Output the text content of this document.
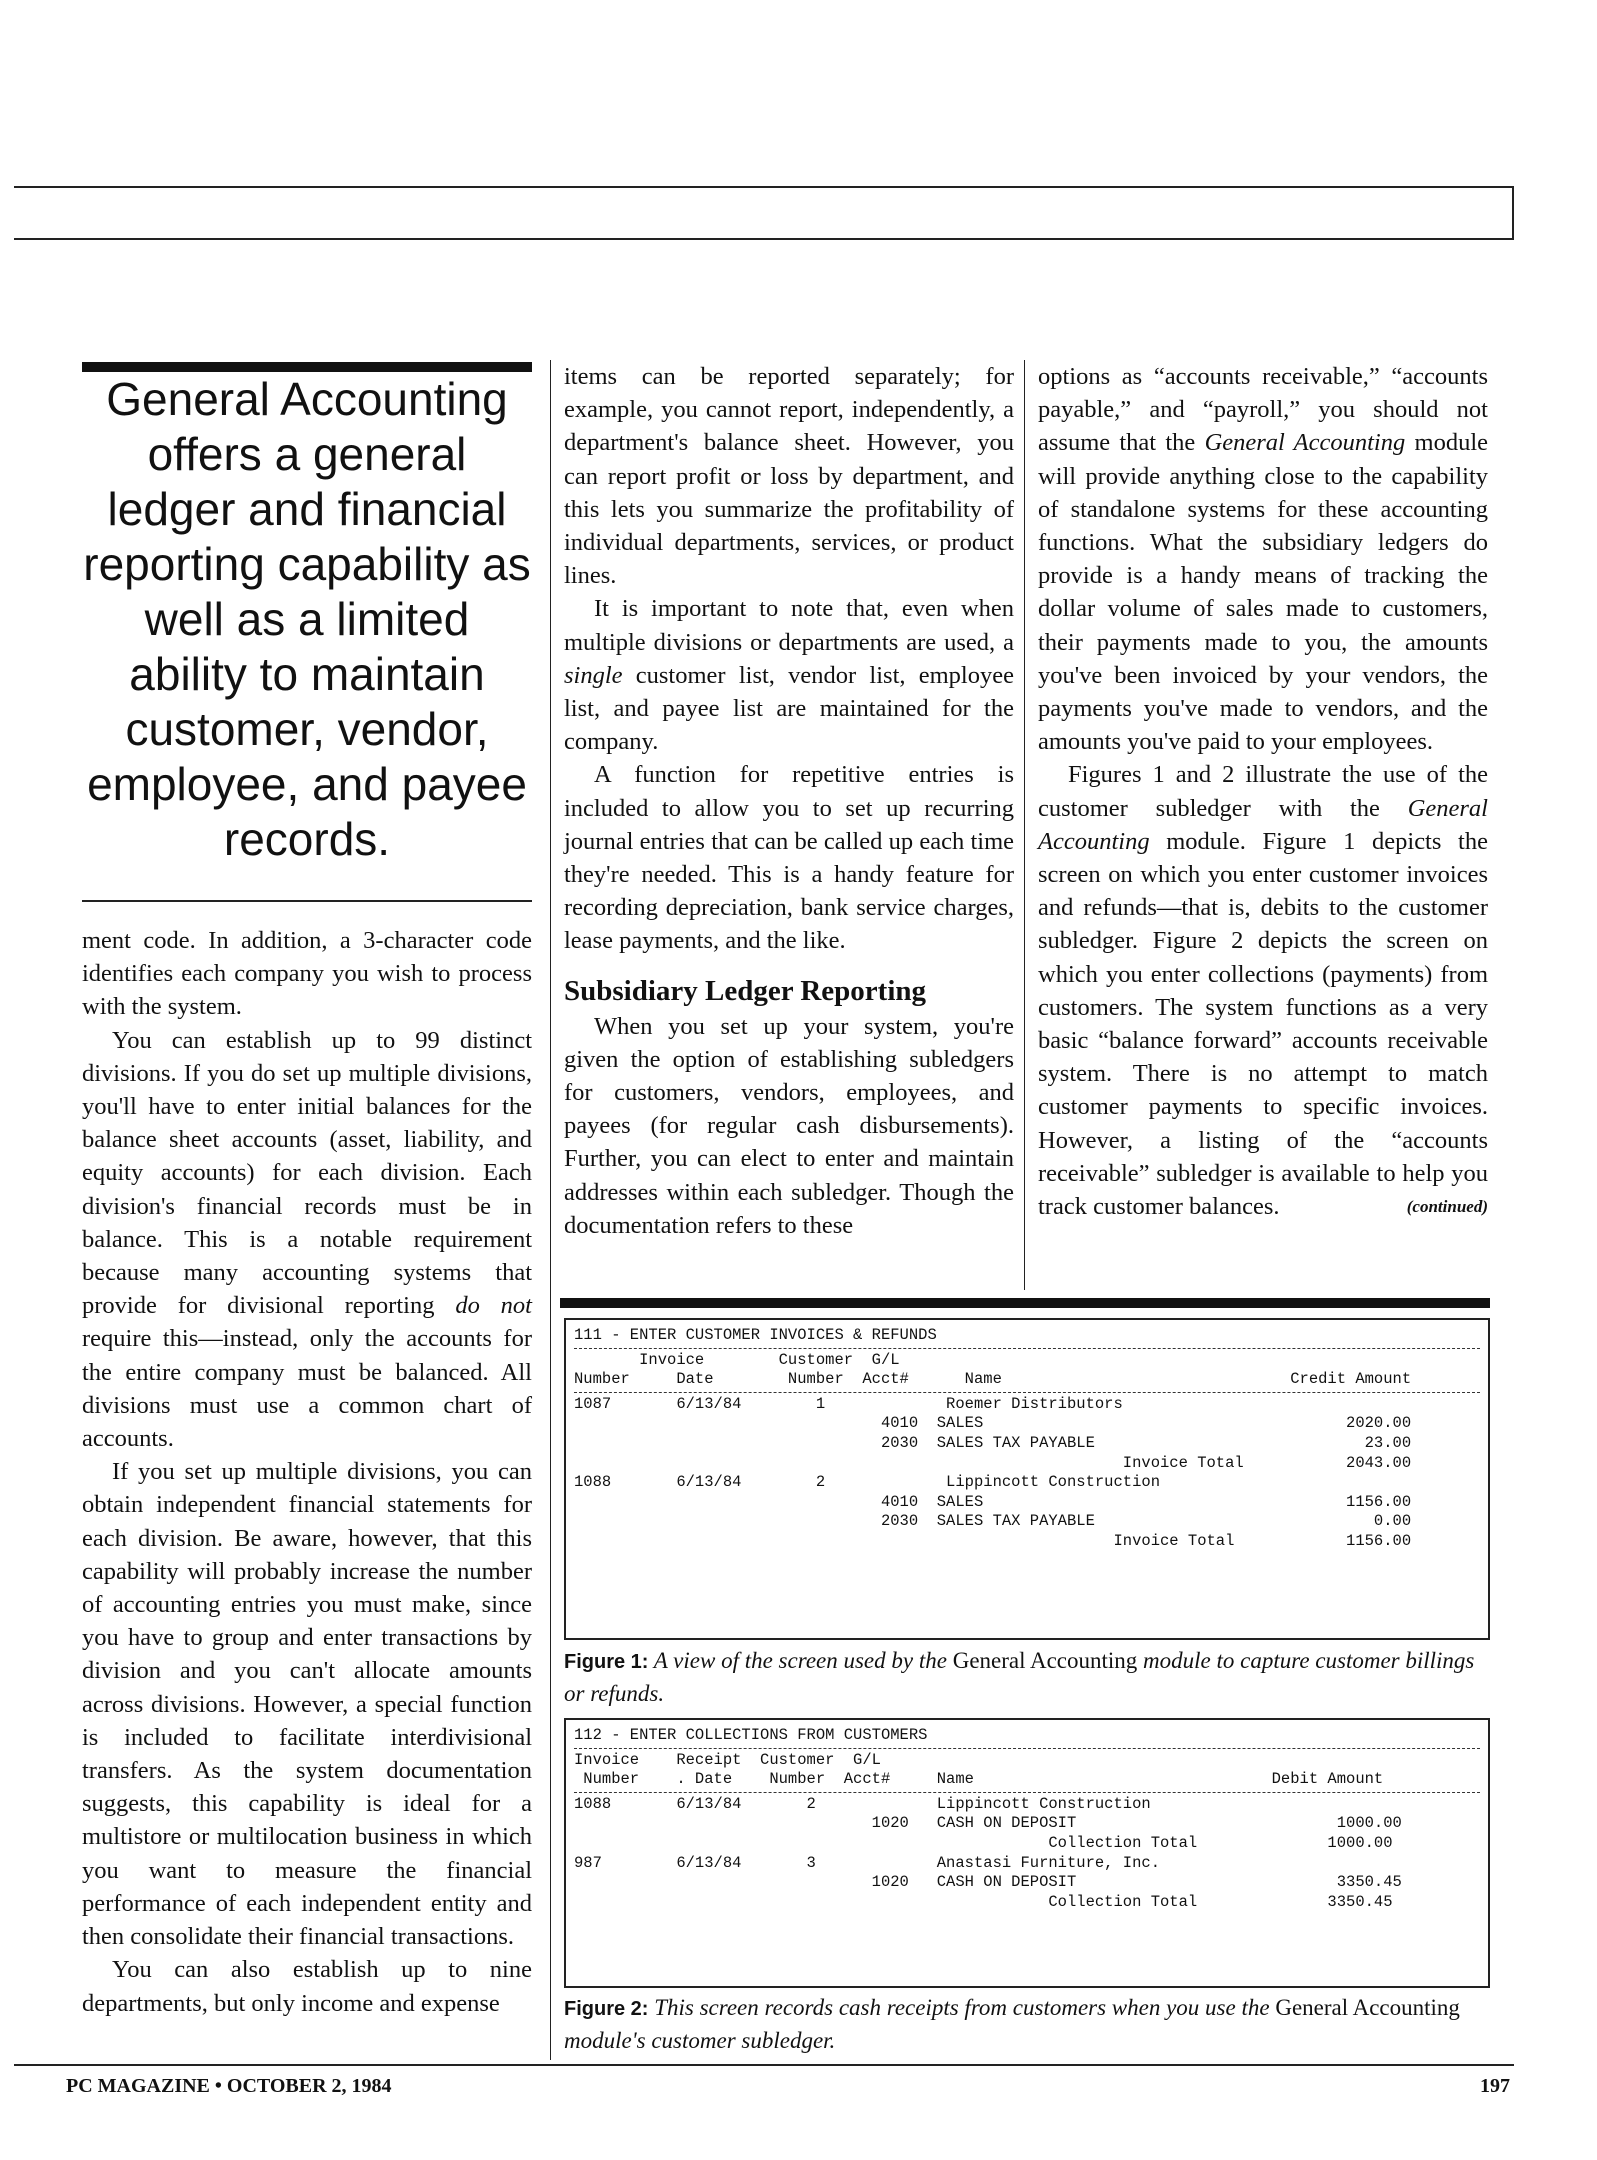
General Accounting offers a general ledger and financial reporting capability as well as a limited ability to maintain customer, vendor, employee, and payee records.

ment code. In addition, a 3-character code identifies each company you wish to process with the system.

You can establish up to 99 distinct divisions. If you do set up multiple divisions, you'll have to enter initial balances for the balance sheet accounts (asset, liability, and equity accounts) for each division. Each division's financial records must be in balance. This is a notable requirement because many accounting systems that provide for divisional reporting do not require this—instead, only the accounts for the entire company must be balanced. All divisions must use a common chart of accounts.

If you set up multiple divisions, you can obtain independent financial statements for each division. Be aware, however, that this capability will probably increase the number of accounting entries you must make, since you have to group and enter transactions by division and you can't allocate amounts across divisions. However, a special function is included to facilitate interdivisional transfers. As the system documentation suggests, this capability is ideal for a multistore or multilocation business in which you want to measure the financial performance of each independent entity and then consolidate their financial transactions.

You can also establish up to nine departments, but only income and expense

items can be reported separately; for example, you cannot report, independently, a department's balance sheet. However, you can report profit or loss by department, and this lets you summarize the profitability of individual departments, services, or product lines.

It is important to note that, even when multiple divisions or departments are used, a single customer list, vendor list, employee list, and payee list are maintained for the company.

A function for repetitive entries is included to allow you to set up recurring journal entries that can be called up each time they're needed. This is a handy feature for recording depreciation, bank service charges, lease payments, and the like.

Subsidiary Ledger Reporting

When you set up your system, you're given the option of establishing subledgers for customers, vendors, employees, and payees (for regular cash disbursements). Further, you can elect to enter and maintain addresses within each subledger. Though the documentation refers to these

options as “accounts receivable,” “accounts payable,” and “payroll,” you should not assume that the General Accounting module will provide anything close to the capability of standalone systems for these accounting functions. What the subsidiary ledgers do provide is a handy means of tracking the dollar volume of sales made to customers, their payments made to you, the amounts you've been invoiced by your vendors, the payments you've made to vendors, and the amounts you've paid to your employees.

Figures 1 and 2 illustrate the use of the customer subledger with the General Accounting module. Figure 1 depicts the screen on which you enter customer invoices and refunds—that is, debits to the customer subledger. Figure 2 depicts the screen on which you enter collections (payments) from customers. The system functions as a very basic “balance forward” accounts receivable system. There is no attempt to match customer payments to specific invoices. However, a listing of the “accounts receivable” subledger is available to help you track customer balances.	(continued)

111 - ENTER CUSTOMER INVOICES & REFUNDS
Invoice        Customer  G/L
Number     Date        Number  Acct#      Name                               Credit Amount
1087       6/13/84        1             Roemer Distributors
4010  SALES                                       2020.00
2030  SALES TAX PAYABLE                             23.00
Invoice Total           2043.00
1088       6/13/84        2             Lippincott Construction
4010  SALES                                       1156.00
2030  SALES TAX PAYABLE                              0.00
Invoice Total            1156.00
Figure 1: A view of the screen used by the General Accounting module to capture customer billings or refunds.
112 - ENTER COLLECTIONS FROM CUSTOMERS
Invoice    Receipt  Customer  G/L
Number    . Date    Number  Acct#     Name                                Debit Amount
1088       6/13/84       2             Lippincott Construction
1020   CASH ON DEPOSIT                            1000.00
Collection Total              1000.00
987        6/13/84       3             Anastasi Furniture, Inc.
1020   CASH ON DEPOSIT                            3350.45
Collection Total              3350.45
Figure 2: This screen records cash receipts from customers when you use the General Accounting module's customer subledger.
PC MAGAZINE • OCTOBER 2, 1984	197
